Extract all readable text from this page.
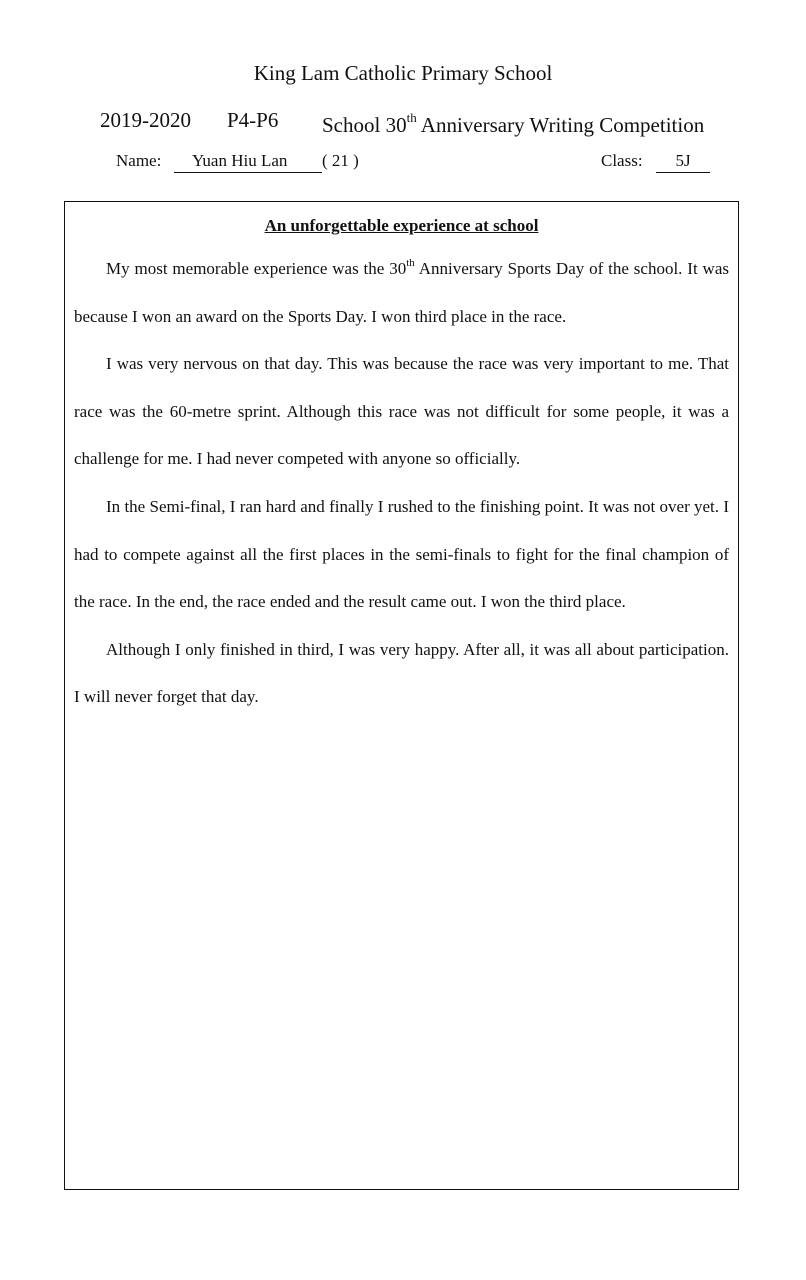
King Lam Catholic Primary School
2019-2020 P4-P6 School 30th Anniversary Writing Competition
Name:	Yuan Hiu Lan	( 21 )	Class:	5J
An unforgettable experience at school

My most memorable experience was the 30th Anniversary Sports Day of the school. It was because I won an award on the Sports Day. I won third place in the race.

I was very nervous on that day. This was because the race was very important to me. That race was the 60-metre sprint. Although this race was not difficult for some people, it was a challenge for me. I had never competed with anyone so officially.

In the Semi-final, I ran hard and finally I rushed to the finishing point. It was not over yet. I had to compete against all the first places in the semi-finals to fight for the final champion of the race. In the end, the race ended and the result came out. I won the third place.

Although I only finished in third, I was very happy. After all, it was all about participation. I will never forget that day.
